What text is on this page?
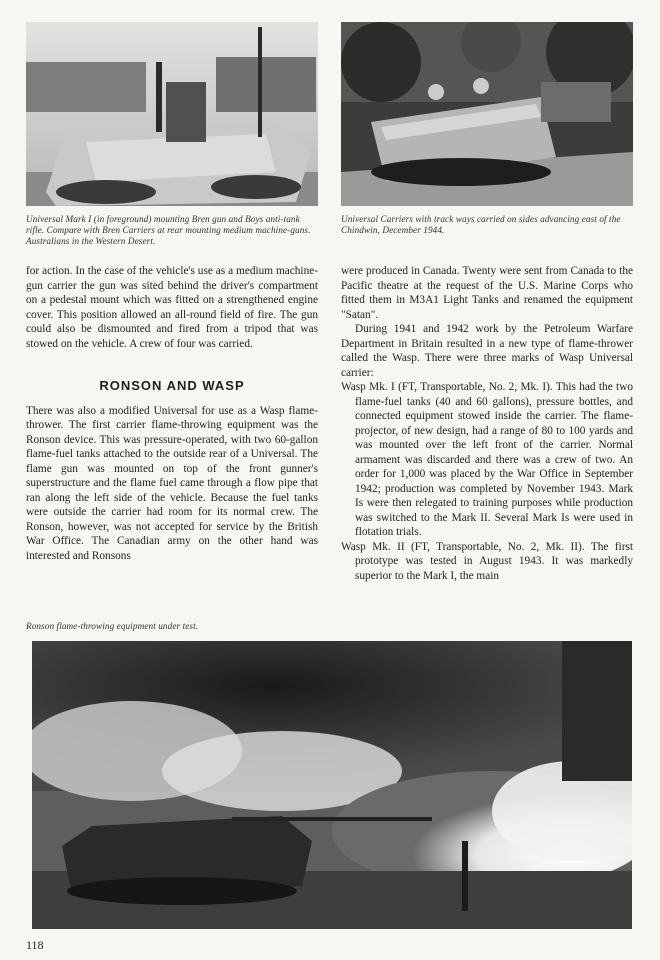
Universal Mark I (in foreground) mounting Bren gun and Boys anti-tank rifle. Compare with Bren Carriers at rear mounting medium machine-guns. Australians in the Western Desert.
Universal Carriers with track ways carried on sides advancing east of the Chindwin, December 1944.

for action. In the case of the vehicle's use as a medium machine-gun carrier the gun was sited behind the driver's compartment on a pedestal mount which was fitted on a strengthened engine cover. This position allowed an all-round field of fire. The gun could also be dismounted and fired from a tripod that was stowed on the vehicle. A crew of four was carried.

RONSON AND WASP

There was also a modified Universal for use as a Wasp flame-thrower. The first carrier flame-throwing equipment was the Ronson device. This was pressure-operated, with two 60-gallon flame-fuel tanks attached to the outside rear of a Universal. The flame gun was mounted on top of the front gunner's superstructure and the flame fuel came through a flow pipe that ran along the left side of the vehicle. Because the fuel tanks were outside the carrier had room for its normal crew. The Ronson, however, was not accepted for service by the British War Office. The Canadian army on the other hand was interested and Ronsons

were produced in Canada. Twenty were sent from Canada to the Pacific theatre at the request of the U.S. Marine Corps who fitted them in M3A1 Light Tanks and renamed the equipment "Satan".

During 1941 and 1942 work by the Petroleum Warfare Department in Britain resulted in a new type of flame-thrower called the Wasp. There were three marks of Wasp Universal carrier:

Wasp Mk. I (FT, Transportable, No. 2, Mk. I). This had the two flame-fuel tanks (40 and 60 gallons), pressure bottles, and connected equipment stowed inside the carrier. The flame-projector, of new design, had a range of 80 to 100 yards and was mounted over the left front of the carrier. Normal armament was discarded and there was a crew of two. An order for 1,000 was placed by the War Office in September 1942; production was completed by November 1943. Mark Is were then relegated to training purposes while production was switched to the Mark II. Several Mark Is were used in flotation trials.

Wasp Mk. II (FT, Transportable, No. 2, Mk. II). The first prototype was tested in August 1943. It was markedly superior to the Mark I, the main

Ronson flame-throwing equipment under test.
118
